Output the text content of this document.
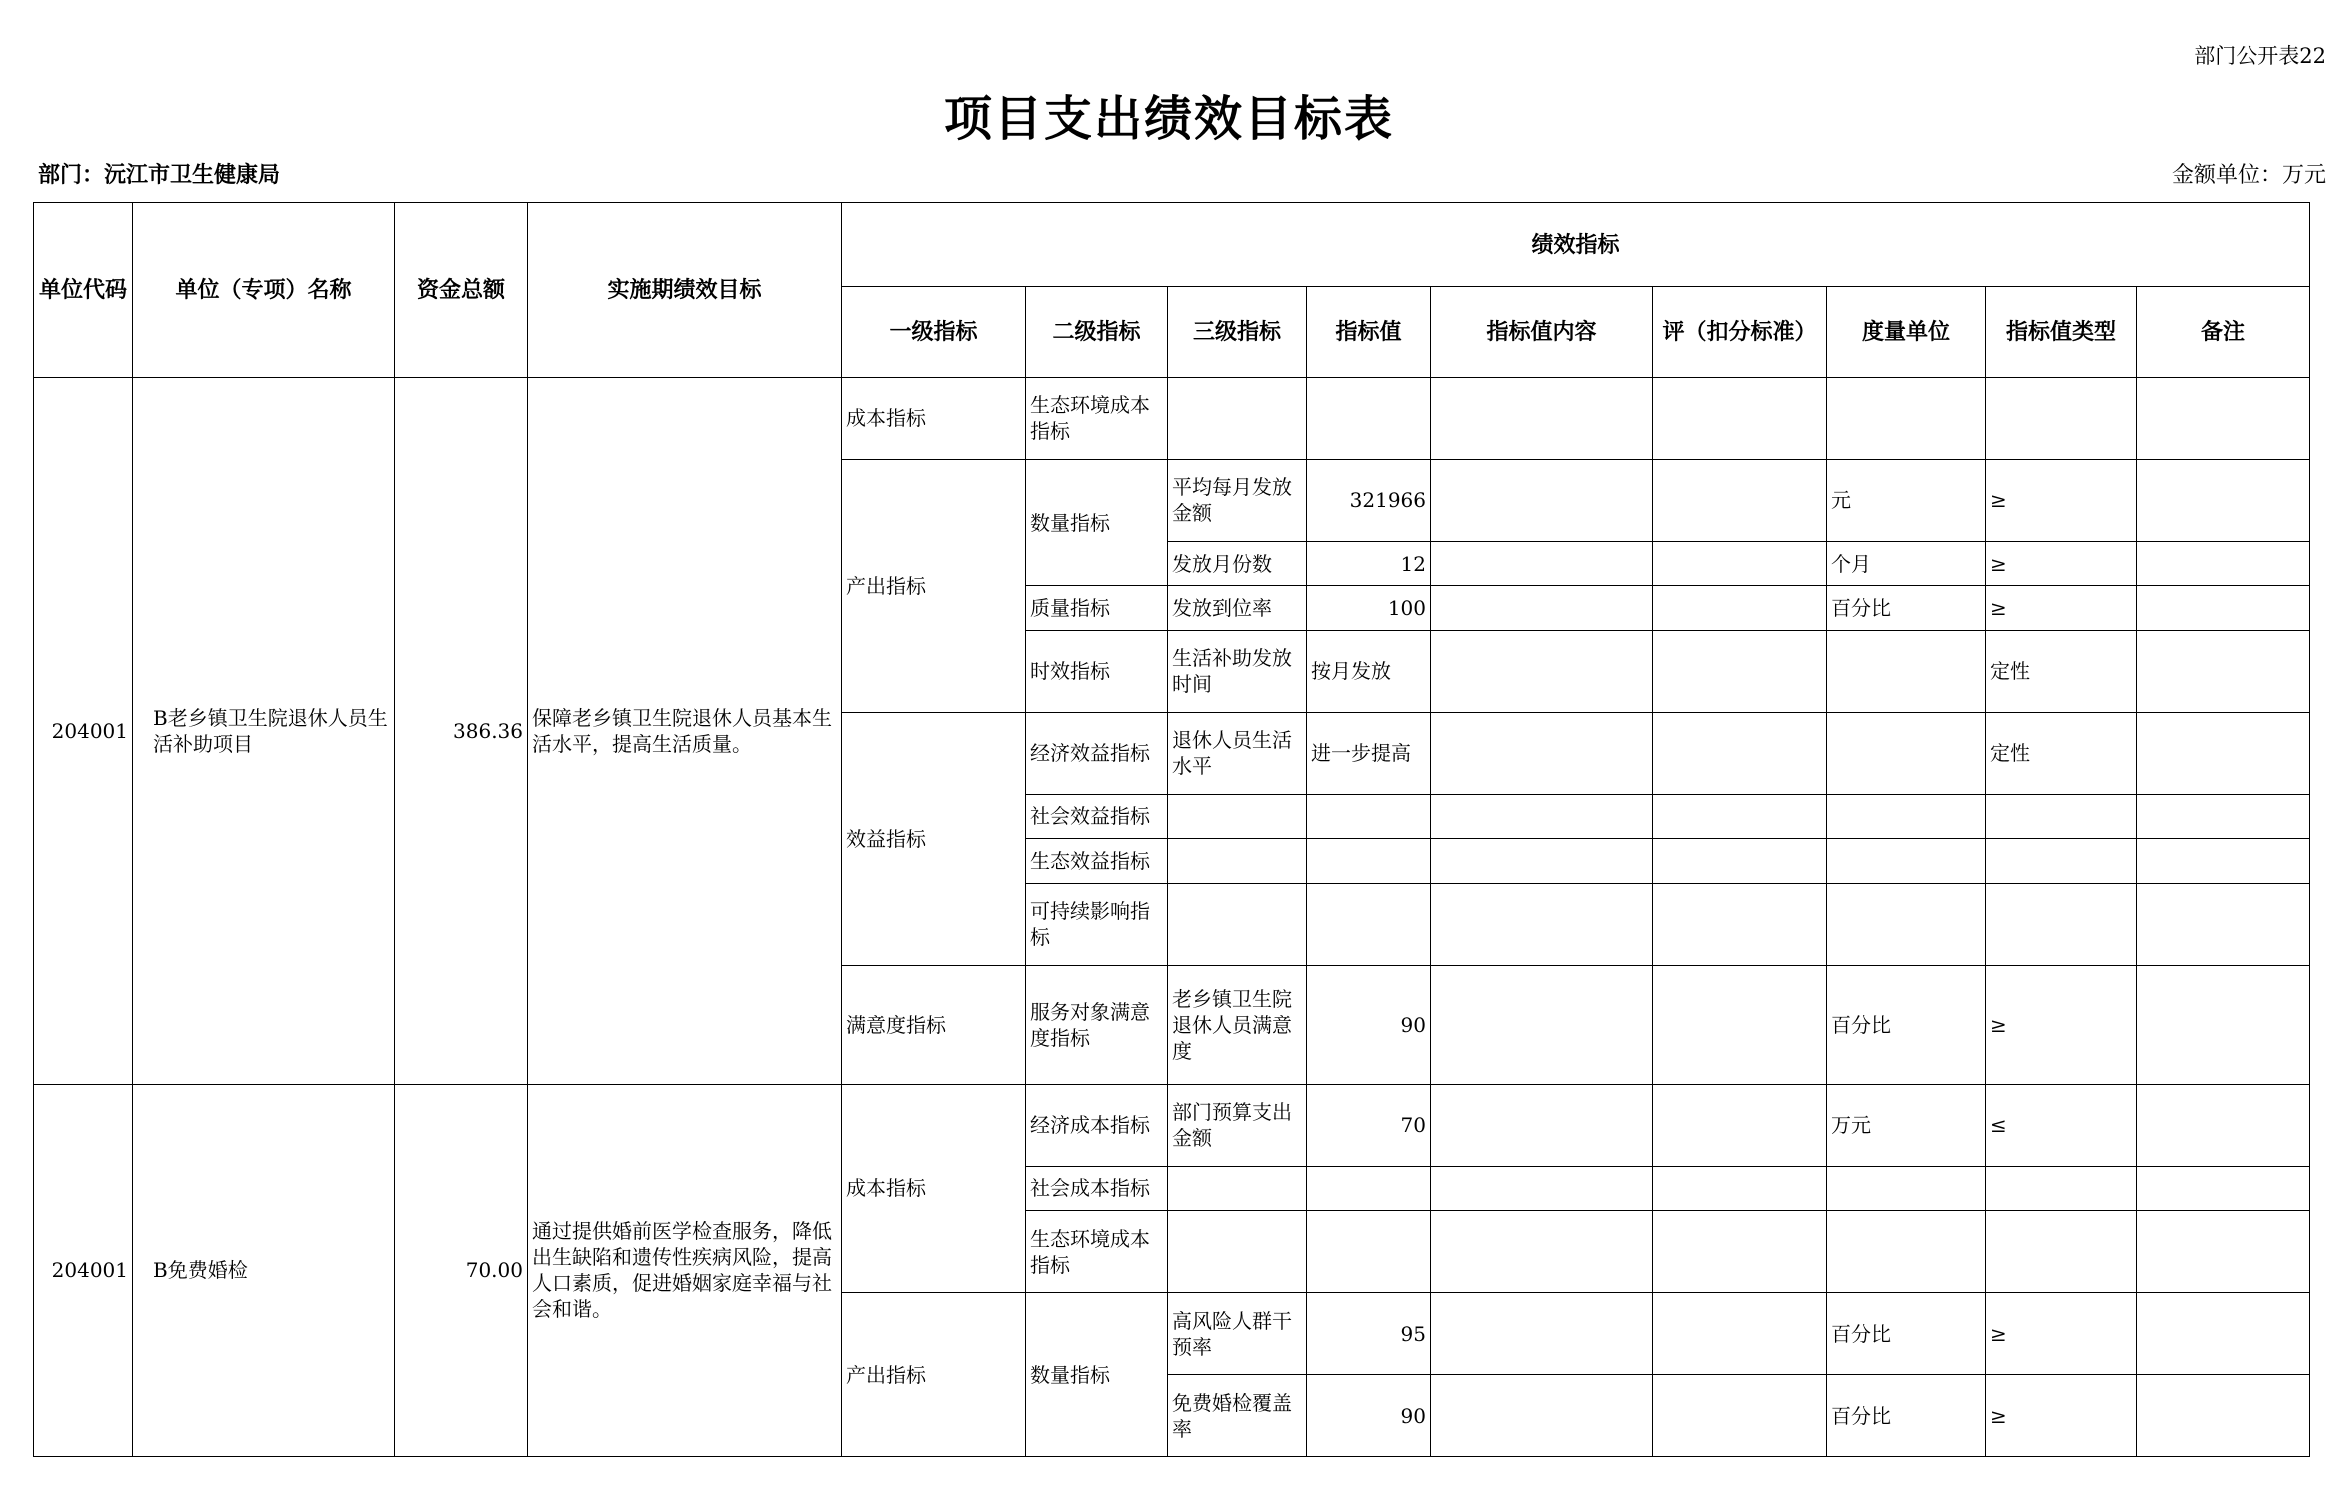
部门公开表22
项目支出绩效目标表
部门：沅江市卫生健康局	金额单位：万元
单位代码	单位（专项）名称	资金总额	实施期绩效目标	绩效指标								
				一级指标	二级指标	三级指标	指标值	指标值内容	评（扣分标准）	度量单位	指标值类型	备注
204001	B老乡镇卫生院退休人员生活补助项目	386.36	保障老乡镇卫生院退休人员基本生活水平，提高生活质量。	成本指标	生态环境成本指标							
				产出指标	数量指标	平均每月发放金额	321966			元	≥	
						发放月份数	12			个月	≥	
					质量指标	发放到位率	100			百分比	≥	
					时效指标	生活补助发放时间	按月发放				定性	
				效益指标	经济效益指标	退休人员生活水平	进一步提高				定性	
					社会效益指标							
					生态效益指标							
					可持续影响指标							
				满意度指标	服务对象满意度指标	老乡镇卫生院退休人员满意度	90			百分比	≥	
204001	B免费婚检	70.00	通过提供婚前医学检查服务，降低出生缺陷和遗传性疾病风险，提高人口素质，促进婚姻家庭幸福与社会和谐。	成本指标	经济成本指标	部门预算支出金额	70			万元	≤	
					社会成本指标							
					生态环境成本指标							
				产出指标	数量指标	高风险人群干预率	95			百分比	≥	
						免费婚检覆盖率	90			百分比	≥	
